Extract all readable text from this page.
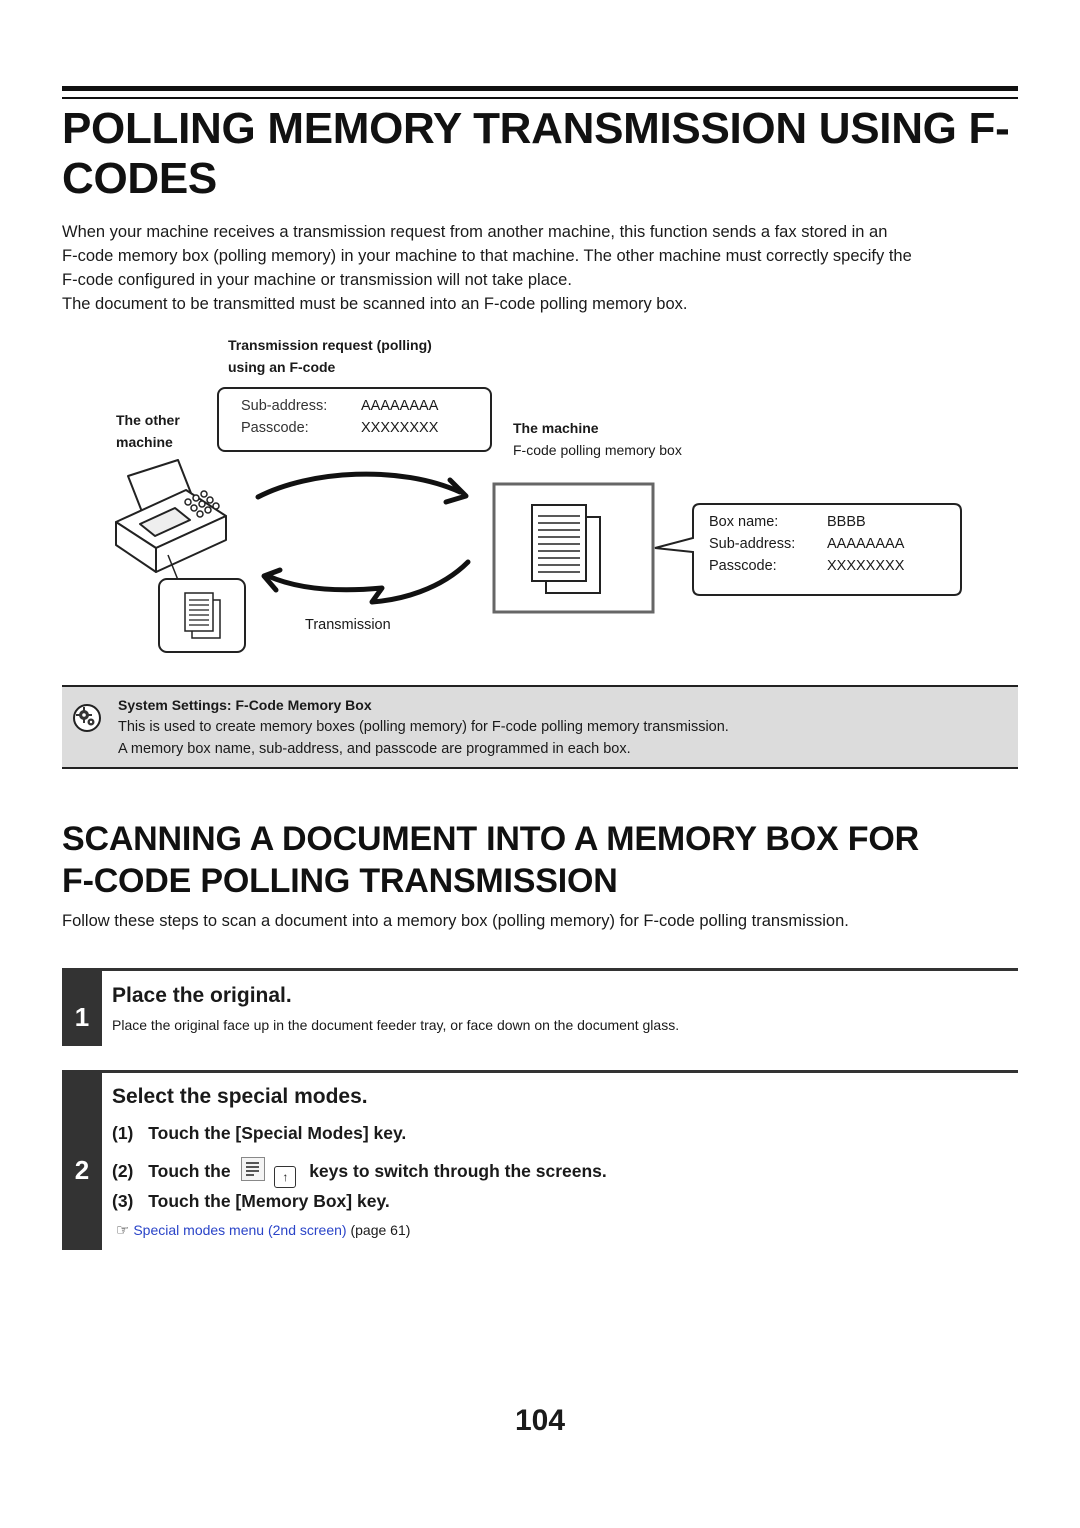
POLLING MEMORY TRANSMISSION USING F-CODES

When your machine receives a transmission request from another machine, this function sends a fax stored in an

F-code memory box (polling memory) in your machine to that machine. The other machine must correctly specify the

F-code configured in your machine or transmission will not take place.

The document to be transmitted must be scanned into an F-code polling memory box.

Transmission request (polling)
using an F-code
The other
machine
Sub-address: AAAAAAAA
Passcode:	XXXXXXXX	The machine
F-code polling memory box
Box name:	BBBB
Sub-address: AAAAAAAA
Passcode:	XXXXXXXX
Transmission
System Settings: F-Code Memory Box
This is used to create memory boxes (polling memory) for F-code polling memory transmission.
A memory box name, sub-address, and passcode are programmed in each box.
SCANNING A DOCUMENT INTO A MEMORY BOX FOR
F-CODE POLLING TRANSMISSION

Follow these steps to scan a document into a memory box (polling memory) for F-code polling transmission.

1
Place the original.
Place the original face up in the document feeder tray, or face down on the document glass.
2
Select the special modes.
(1) Touch the [Special Modes] key.
(2) Touch the	↑ keys to switch through the screens.
(3) Touch the [Memory Box] key.
☞ Special modes menu (2nd screen) (page 61)
104
